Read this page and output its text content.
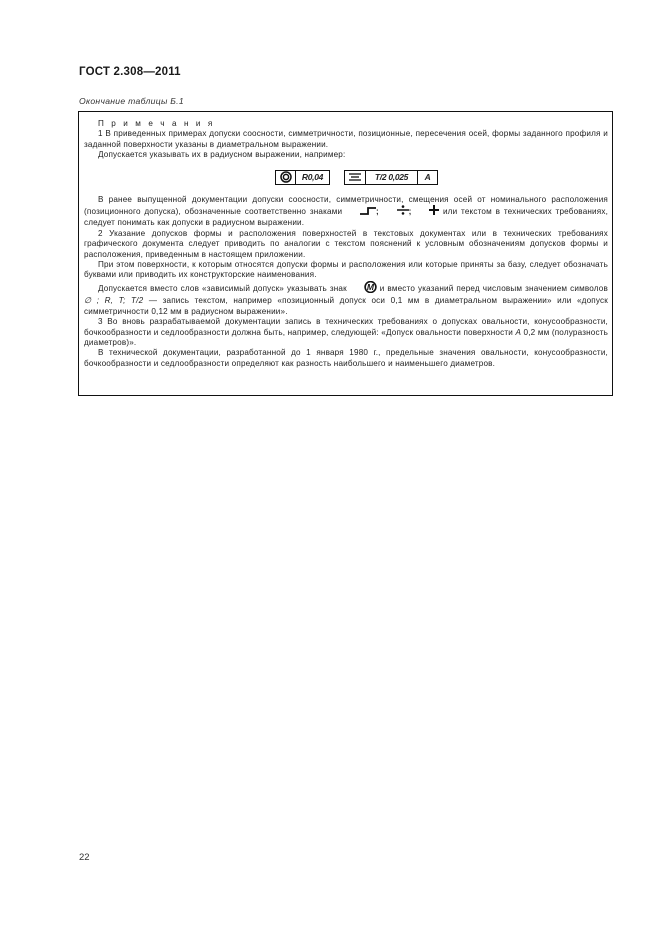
ГОСТ 2.308—2011
Окончание таблицы Б.1

П р и м е ч а н и я

1 В приведенных примерах допуски соосности, симметричности, позиционные, пересечения осей, формы заданного профиля и заданной поверхности указаны в диаметральном выражении.

Допускается указывать их в радиусном выражении, например:

R0,04	T/2 0,025	A

В ранее выпущенной документации допуски соосности, симметричности, смещения осей от номинального расположения (позиционного допуска), обозначенные соответственно знаками	;	;	или текстом в технических требованиях, следует понимать как допуски в радиусном выражении.

2 Указание допусков формы и расположения поверхностей в текстовых документах или в технических требованиях графического документа следует приводить по аналогии с текстом пояснений к условным обозначениям допусков формы и расположения, приведенным в настоящем приложении.

При этом поверхности, к которым относятся допуски формы и расположения или которые приняты за базу, следует обозначать буквами или приводить их конструкторские наименования.

Допускается вместо слов «зависимый допуск» указывать знак M и вместо указаний перед числовым значением символов ∅ ; R, T; T/2 — запись текстом, например «позиционный допуск оси 0,1 мм в диаметральном выражении» или «допуск симметричности 0,12 мм в радиусном выражении».

3 Во вновь разрабатываемой документации запись в технических требованиях о допусках овальности, конусообразности, бочкообразности и седлообразности должна быть, например, следующей: «Допуск овальности поверхности А 0,2 мм (полуразность диаметров)».

В технической документации, разработанной до 1 января 1980 г., предельные значения овальности, конусообразности, бочкообразности и седлообразности определяют как разность наибольшего и наименьшего диаметров.

22
